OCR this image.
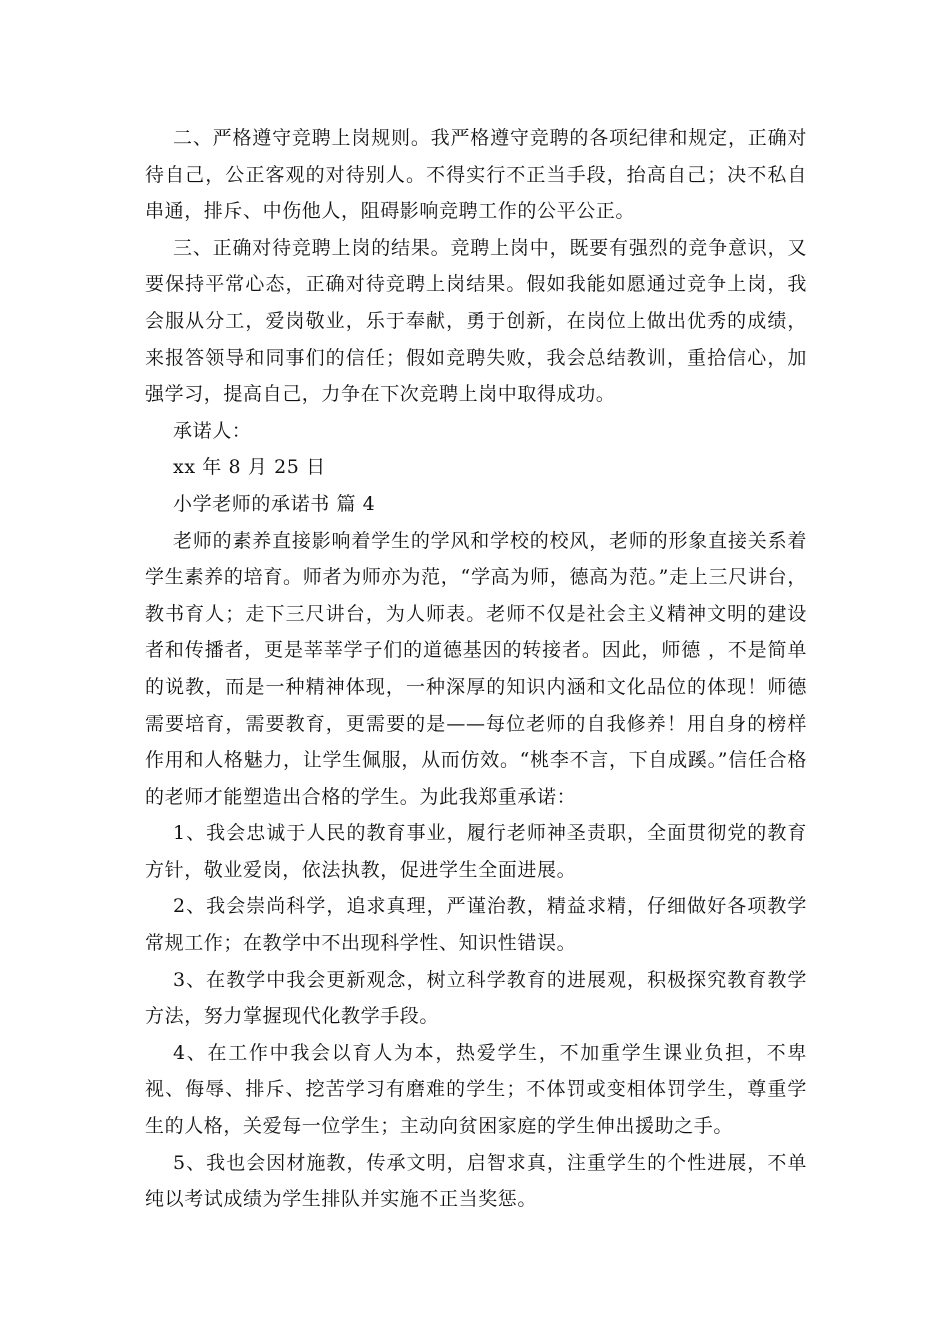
二、严格遵守竞聘上岗规则。我严格遵守竞聘的各项纪律和规定，正确对待自己，公正客观的对待别人。不得实行不正当手段，抬高自己；决不私自串通，排斥、中伤他人，阻碍影响竞聘工作的公平公正。

三、正确对待竞聘上岗的结果。竞聘上岗中，既要有强烈的竞争意识，又要保持平常心态，正确对待竞聘上岗结果。假如我能如愿通过竞争上岗，我会服从分工，爱岗敬业，乐于奉献，勇于创新，在岗位上做出优秀的成绩，来报答领导和同事们的信任；假如竞聘失败，我会总结教训，重拾信心，加强学习，提高自己，力争在下次竞聘上岗中取得成功。

承诺人：

xx 年 8 月 25 日

小学老师的承诺书 篇 4

老师的素养直接影响着学生的学风和学校的校风，老师的形象直接关系着学生素养的培育。师者为师亦为范，“学高为师，德高为范。”走上三尺讲台，教书育人；走下三尺讲台，为人师表。老师不仅是社会主义精神文明的建设者和传播者，更是莘莘学子们的道德基因的转接者。因此，师德 ，不是简单的说教，而是一种精神体现，一种深厚的知识内涵和文化品位的体现！师德需要培育，需要教育，更需要的是——每位老师的自我修养！用自身的榜样作用和人格魅力，让学生佩服，从而仿效。“桃李不言，下自成蹊。”信任合格的老师才能塑造出合格的学生。为此我郑重承诺：

1、我会忠诚于人民的教育事业，履行老师神圣责职，全面贯彻党的教育方针，敬业爱岗，依法执教，促进学生全面进展。

2、我会崇尚科学，追求真理，严谨治教，精益求精，仔细做好各项教学常规工作；在教学中不出现科学性、知识性错误。

3、在教学中我会更新观念，树立科学教育的进展观，积极探究教育教学方法，努力掌握现代化教学手段。

4、在工作中我会以育人为本，热爱学生，不加重学生课业负担，不卑视、侮辱、排斥、挖苦学习有磨难的学生；不体罚或变相体罚学生，尊重学生的人格，关爱每一位学生；主动向贫困家庭的学生伸出援助之手。

5、我也会因材施教，传承文明，启智求真，注重学生的个性进展，不单纯以考试成绩为学生排队并实施不正当奖惩。
